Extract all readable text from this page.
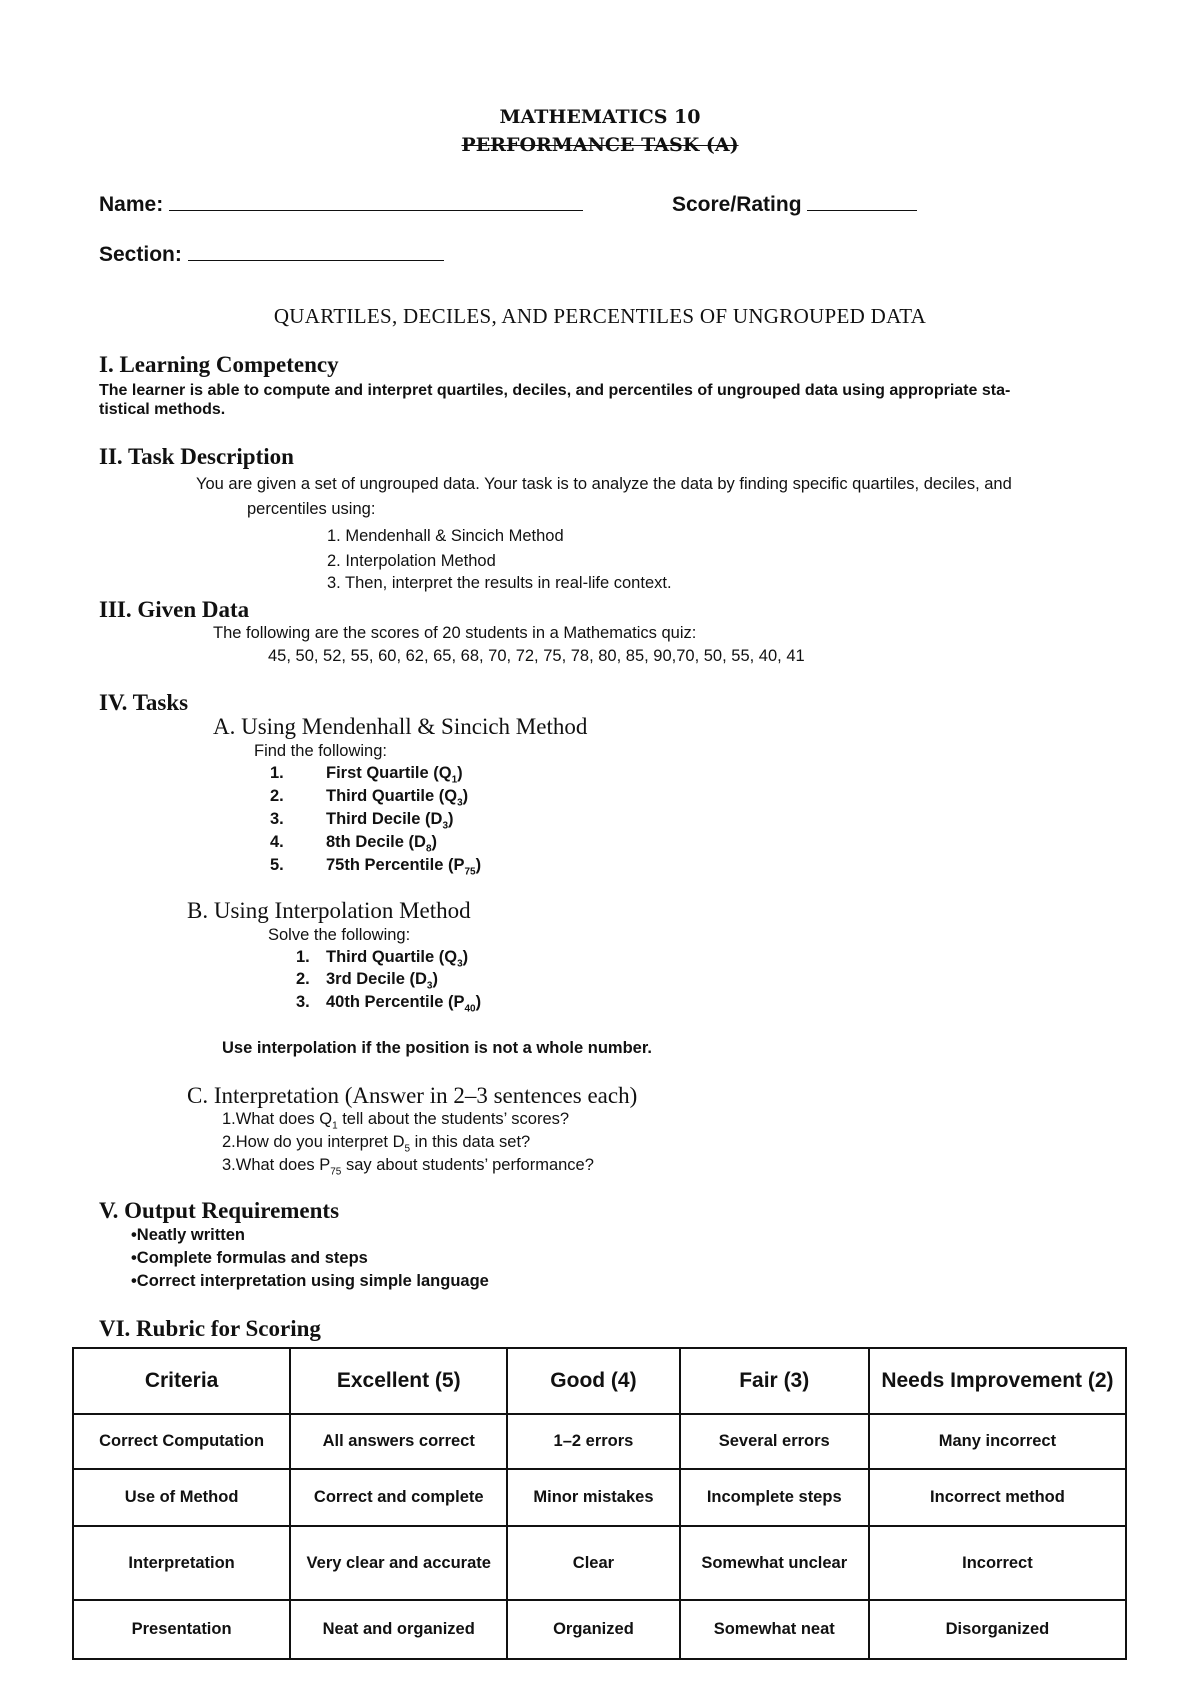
MATHEMATICS 10
PERFORMANCE TASK (A)
Name:	Score/Rating
Section:
QUARTILES, DECILES, AND PERCENTILES OF UNGROUPED DATA
I. Learning Competency
The learner is able to compute and interpret quartiles, deciles, and percentiles of ungrouped data using appropriate sta-
tistical methods.
II. Task Description
You are given a set of ungrouped data. Your task is to analyze the data by finding specific quartiles, deciles, and
percentiles using:
1. Mendenhall & Sincich Method
2. Interpolation Method
3. Then, interpret the results in real-life context.
III. Given Data
The following are the scores of 20 students in a Mathematics quiz:
45, 50, 52, 55, 60, 62, 65, 68, 70, 72, 75, 78, 80, 85, 90,70, 50, 55, 40, 41
IV. Tasks
A. Using Mendenhall & Sincich Method
Find the following:
1.	First Quartile $(Q_1)$
2.	Third Quartile $(Q_3)$
3.	Third Decile $(D_3)$
4.	8th Decile $(D_8)$
5.	75th Percentile $(P_{75})$
B. Using Interpolation Method
Solve the following:
1. Third Quartile $(Q_3)$
2. 3rd Decile $(D_3)$
3. 40th Percentile $(P_{40})$
Use interpolation if the position is not a whole number.
C. Interpretation (Answer in 2–3 sentences each)
1.What does $Q_1$ tell about the students’ scores?
2.How do you interpret $D_5$ in this data set?
3.What does $P_{75}$ say about students’ performance?
V. Output Requirements
•Neatly written
•Complete formulas and steps
•Correct interpretation using simple language
VI. Rubric for Scoring
Criteria	Excellent (5)	Good (4)	Fair (3)	Needs Improvement (2)
Correct Computation	All answers correct	1–2 errors	Several errors	Many incorrect
Use of Method	Correct and complete	Minor mistakes	Incomplete steps	Incorrect method
Interpretation	Very clear and accurate	Clear	Somewhat unclear	Incorrect
Presentation	Neat and organized	Organized	Somewhat neat	Disorganized
